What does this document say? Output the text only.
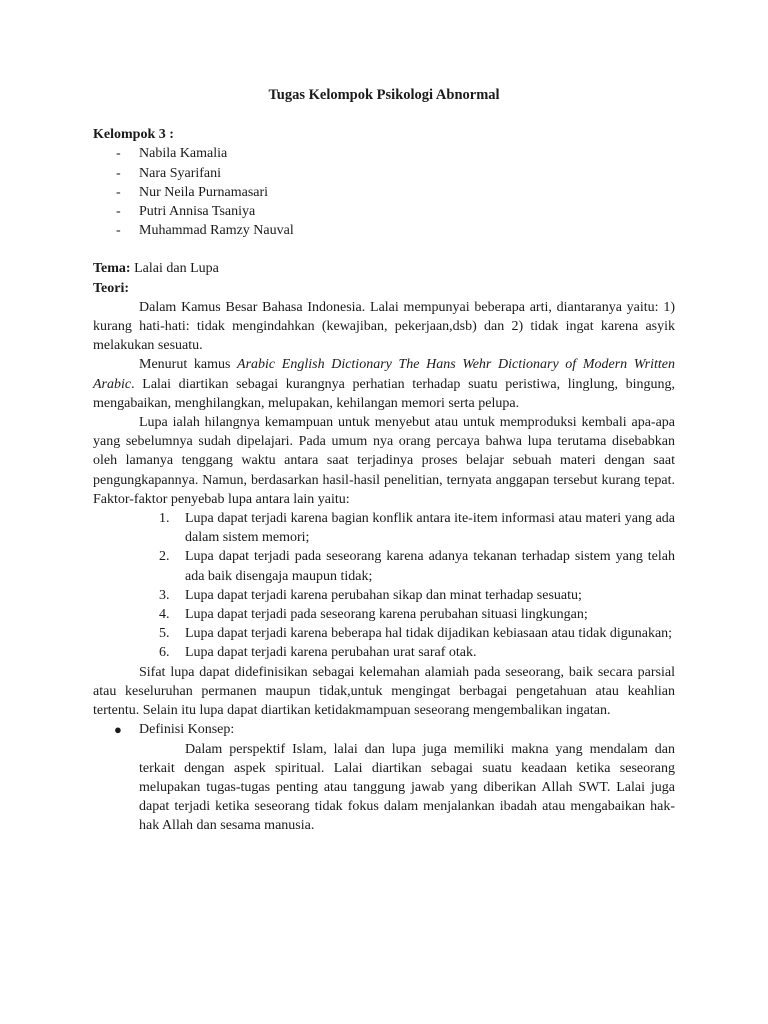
Tugas Kelompok Psikologi Abnormal
Kelompok 3 :
- Nabila Kamalia
- Nara Syarifani
- Nur Neila Purnamasari
- Putri Annisa Tsaniya
- Muhammad Ramzy Nauval
Tema: Lalai dan Lupa
Teori:

Dalam Kamus Besar Bahasa Indonesia. Lalai mempunyai beberapa arti, diantaranya yaitu: 1) kurang hati-hati: tidak mengindahkan (kewajiban, pekerjaan,dsb) dan 2) tidak ingat karena asyik melakukan sesuatu.

Menurut kamus Arabic English Dictionary The Hans Wehr Dictionary of Modern Written Arabic. Lalai diartikan sebagai kurangnya perhatian terhadap suatu peristiwa, linglung, bingung, mengabaikan, menghilangkan, melupakan, kehilangan memori serta pelupa.

Lupa ialah hilangnya kemampuan untuk menyebut atau untuk memproduksi kembali apa-apa yang sebelumnya sudah dipelajari. Pada umum nya orang percaya bahwa lupa terutama disebabkan oleh lamanya tenggang waktu antara saat terjadinya proses belajar sebuah materi dengan saat pengungkapannya. Namun, berdasarkan hasil-hasil penelitian, ternyata anggapan tersebut kurang tepat. Faktor-faktor penyebab lupa antara lain yaitu:

1. Lupa dapat terjadi karena bagian konflik antara ite-item informasi atau materi yang ada dalam sistem memori;
2. Lupa dapat terjadi pada seseorang karena adanya tekanan terhadap sistem yang telah ada baik disengaja maupun tidak;
3. Lupa dapat terjadi karena perubahan sikap dan minat terhadap sesuatu;
4. Lupa dapat terjadi pada seseorang karena perubahan situasi lingkungan;
5. Lupa dapat terjadi karena beberapa hal tidak dijadikan kebiasaan atau tidak digunakan;
6. Lupa dapat terjadi karena perubahan urat saraf otak.

Sifat lupa dapat didefinisikan sebagai kelemahan alamiah pada seseorang, baik secara parsial atau keseluruhan permanen maupun tidak,untuk mengingat berbagai pengetahuan atau keahlian tertentu. Selain itu lupa dapat diartikan ketidakmampuan seseorang mengembalikan ingatan.

● Definisi Konsep:

Dalam perspektif Islam, lalai dan lupa juga memiliki makna yang mendalam dan terkait dengan aspek spiritual. Lalai diartikan sebagai suatu keadaan ketika seseorang melupakan tugas-tugas penting atau tanggung jawab yang diberikan Allah SWT. Lalai juga dapat terjadi ketika seseorang tidak fokus dalam menjalankan ibadah atau mengabaikan hak-hak Allah dan sesama manusia.
